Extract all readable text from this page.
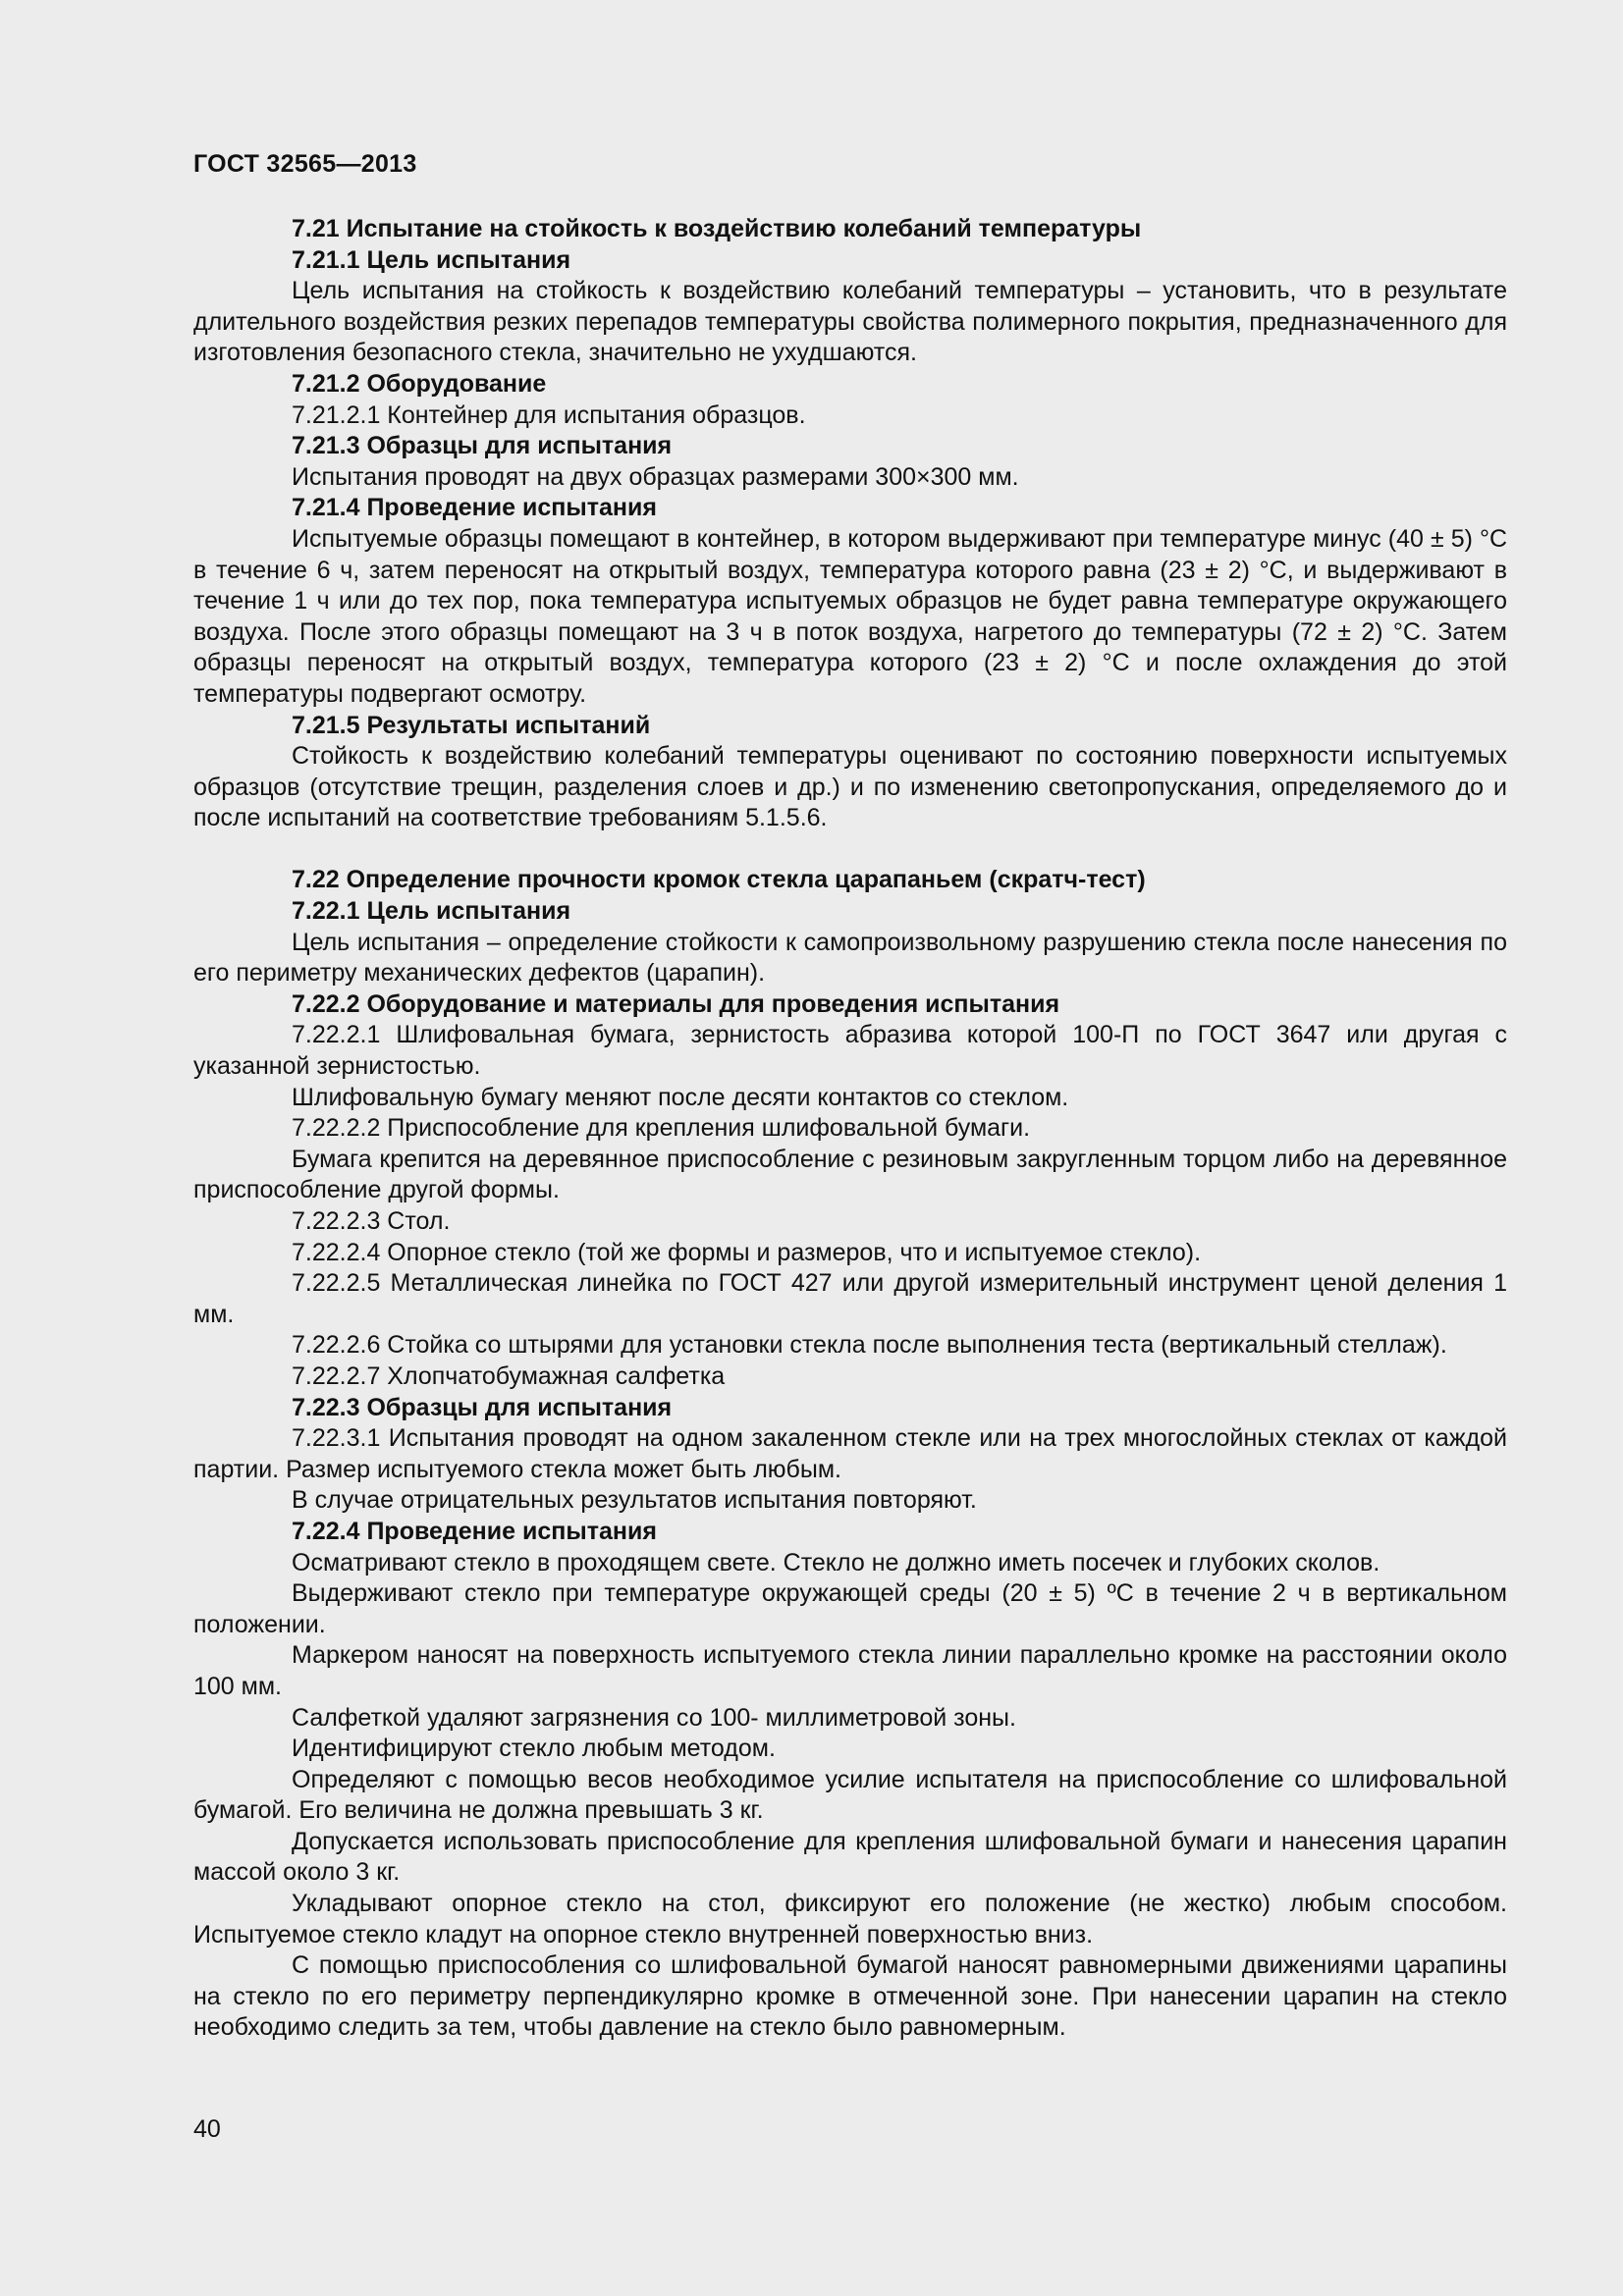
ГОСТ 32565—2013

7.21 Испытание на стойкость к воздействию колебаний температуры

7.21.1 Цель испытания

Цель испытания на стойкость к воздействию колебаний температуры – установить, что в результате длительного воздействия резких перепадов температуры свойства полимерного покрытия, предназначенного для изготовления безопасного стекла, значительно не ухудшаются.

7.21.2 Оборудование

7.21.2.1 Контейнер для испытания образцов.

7.21.3 Образцы для испытания

Испытания проводят на двух образцах размерами 300×300 мм.

7.21.4 Проведение испытания

Испытуемые образцы помещают в контейнер, в котором выдерживают при температуре минус (40 ± 5) °С в течение 6 ч, затем переносят на открытый воздух, температура которого равна (23 ± 2) °С, и выдерживают в течение 1 ч или до тех пор, пока температура испытуемых образцов не будет равна температуре окружающего воздуха. После этого образцы помещают на 3 ч в поток воздуха, нагретого до температуры (72 ± 2) °С. Затем образцы переносят на открытый воздух, температура которого (23 ± 2) °С и после охлаждения до этой температуры подвергают осмотру.

7.21.5 Результаты испытаний

Стойкость к воздействию колебаний температуры оценивают по состоянию поверхности испытуемых образцов (отсутствие трещин, разделения слоев и др.) и по изменению светопропускания, определяемого до и после испытаний на соответствие требованиям 5.1.5.6.

7.22 Определение прочности кромок стекла царапаньем (скратч-тест)

7.22.1 Цель испытания

Цель испытания – определение стойкости к самопроизвольному разрушению стекла после нанесения по его периметру механических дефектов (царапин).

7.22.2 Оборудование и материалы для проведения испытания

7.22.2.1 Шлифовальная бумага, зернистость абразива которой 100-П по ГОСТ 3647 или другая с указанной зернистостью.

Шлифовальную бумагу меняют после десяти контактов со стеклом.

7.22.2.2 Приспособление для крепления шлифовальной бумаги.

Бумага крепится на деревянное приспособление с резиновым закругленным торцом либо на деревянное приспособление другой формы.

7.22.2.3 Стол.

7.22.2.4 Опорное стекло (той же формы и размеров, что и испытуемое стекло).

7.22.2.5 Металлическая линейка по ГОСТ 427 или другой измерительный инструмент ценой деления 1 мм.

7.22.2.6 Стойка со штырями для установки стекла после выполнения теста (вертикальный стеллаж).

7.22.2.7 Хлопчатобумажная салфетка

7.22.3 Образцы для испытания

7.22.3.1 Испытания проводят на одном закаленном стекле или на трех многослойных стеклах от каждой партии. Размер испытуемого стекла может быть любым.

В случае отрицательных результатов испытания повторяют.

7.22.4 Проведение испытания

Осматривают стекло в проходящем свете. Стекло не должно иметь посечек и глубоких сколов.

Выдерживают стекло при температуре окружающей среды (20 ± 5) ºС в течение 2 ч в вертикальном положении.

Маркером наносят на поверхность испытуемого стекла линии параллельно кромке на расстоянии около 100 мм.

Салфеткой удаляют загрязнения со 100- миллиметровой зоны.

Идентифицируют стекло любым методом.

Определяют с помощью весов необходимое усилие испытателя на приспособление со шлифовальной бумагой. Его величина не должна превышать 3 кг.

Допускается использовать приспособление для крепления шлифовальной бумаги и нанесения царапин массой около 3 кг.

Укладывают опорное стекло на стол, фиксируют его положение (не жестко) любым способом. Испытуемое стекло кладут на опорное стекло внутренней поверхностью вниз.

С помощью приспособления со шлифовальной бумагой наносят равномерными движениями царапины на стекло по его периметру перпендикулярно кромке в отмеченной зоне. При нанесении царапин на стекло необходимо следить за тем, чтобы давление на стекло было равномерным.

40
